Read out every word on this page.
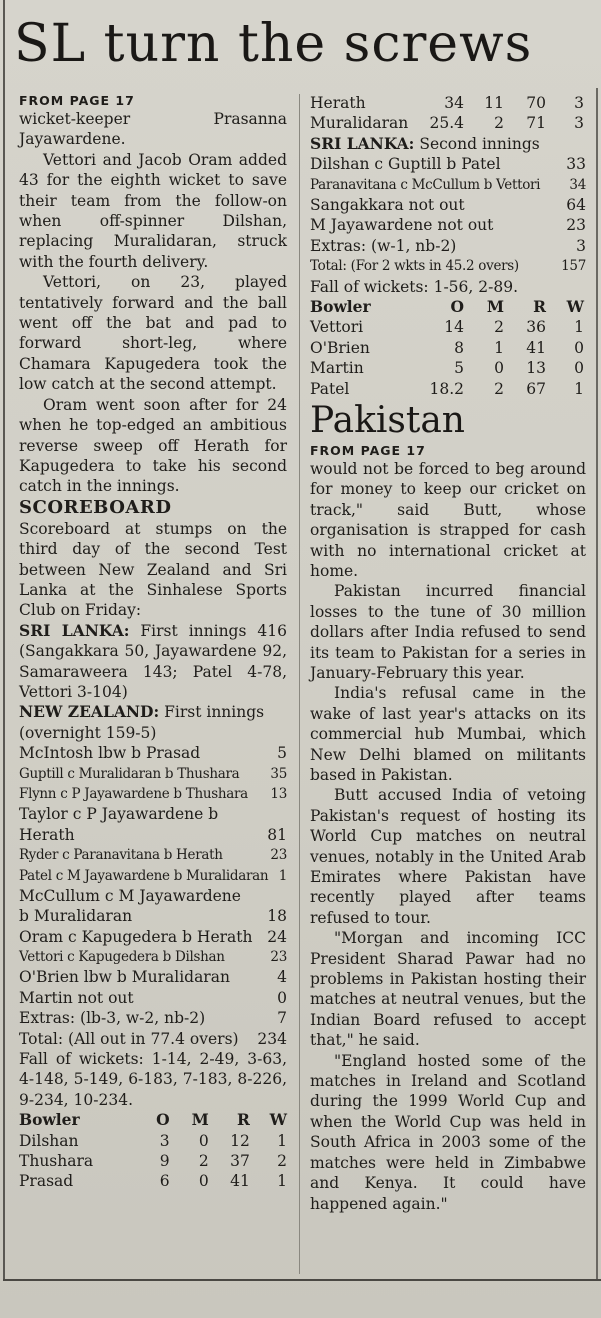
SL turn the screws

FROM PAGE 17

wicket-keeper Prasanna Jayawardene.

Vettori and Jacob Oram added 43 for the eighth wicket to save their team from the follow-on when off-spinner Dilshan, replacing Muralidaran, struck with the fourth delivery.

Vettori, on 23, played tentatively forward and the ball went off the bat and pad to forward short-leg, where Chamara Kapugedera took the low catch at the second attempt.

Oram went soon after for 24 when he top-edged an ambitious reverse sweep off Herath for Kapugedera to take his second catch in the innings.

SCOREBOARD

Scoreboard at stumps on the third day of the second Test between New Zealand and Sri Lanka at the Sinhalese Sports Club on Friday:

SRI LANKA: First innings 416 (Sangakkara 50, Jayawardene 92, Samaraweera 143; Patel 4-78, Vettori 3-104)

NEW ZEALAND: First innings (overnight 159-5)

McIntosh lbw b Prasad	5
Guptill c Muralidaran b Thushara 35
Flynn c P Jayawardene b Thushara 13
Taylor c P Jayawardene b
Herath	81
Ryder c Paranavitana b Herath	23
Patel c M Jayawardene b Muralidaran 1
McCullum c M Jayawardene
b Muralidaran	18
Oram c Kapugedera b Herath 24
Vettori c Kapugedera b Dilshan	23
O'Brien lbw b Muralidaran	4
Martin not out	0
Extras: (lb-3, w-2, nb-2)	7
Total: (All out in 77.4 overs) 234

Fall of wickets: 1-14, 2-49, 3-63, 4-148, 5-149, 6-183, 7-183, 8-226, 9-234, 10-234.

Bowler	O	M	R	W
Dilshan	3	0	12	1
Thushara	9	2	37	2
Prasad	6	0	41	1
Herath	34	11	70	3
Muralidaran	25.4	2	71	3

SRI LANKA: Second innings

Dilshan c Guptill b Patel	33
Paranavitana c McCullum b Vettori 34
Sangakkara not out	64
M Jayawardene not out	23
Extras: (w-1, nb-2)	3
Total: (For 2 wkts in 45.2 overs)	157

Fall of wickets: 1-56, 2-89.

Bowler	O	M	R	W
Vettori	14	2	36	1
O'Brien	8	1	41	0
Martin	5	0	13	0
Patel	18.2	2	67	1

Pakistan

FROM PAGE 17

would not be forced to beg around for money to keep our cricket on track," said Butt, whose organisation is strapped for cash with no international cricket at home.

Pakistan incurred financial losses to the tune of 30 million dollars after India refused to send its team to Pakistan for a series in January-February this year.

India's refusal came in the wake of last year's attacks on its commercial hub Mumbai, which New Delhi blamed on militants based in Pakistan.

Butt accused India of vetoing Pakistan's request of hosting its World Cup matches on neutral venues, notably in the United Arab Emirates where Pakistan have recently played after teams refused to tour.

"Morgan and incoming ICC President Sharad Pawar had no problems in Pakistan hosting their matches at neutral venues, but the Indian Board refused to accept that," he said.

"England hosted some of the matches in Ireland and Scotland during the 1999 World Cup and when the World Cup was held in South Africa in 2003 some of the matches were held in Zimbabwe and Kenya. It could have happened again."
